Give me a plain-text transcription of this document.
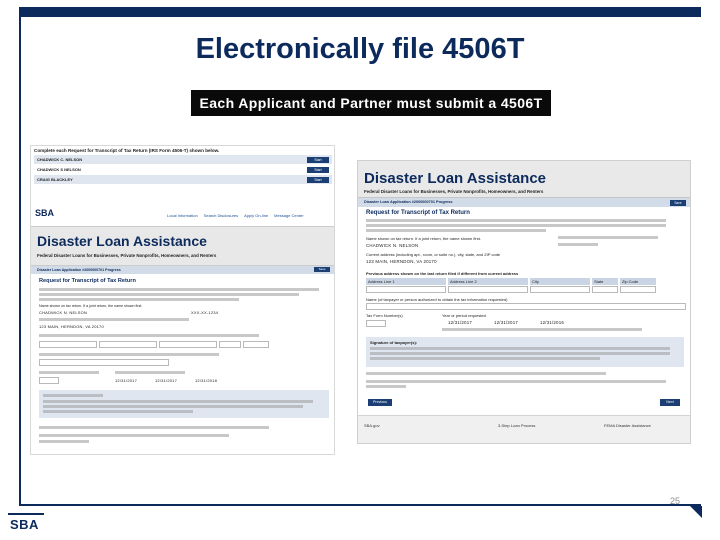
Electronically file 4506T
Each Applicant and Partner must submit a 4506T
Complete each Request for Transcript of Tax Return (IRS Form 4506-T) shown below.
CHADWICK C. NELSON	Start
CHADWICK S NELSON	Start
CRAIG BLACKLEY	Start
SBA	Local Information Search Disclosures Apply On-line Message Center
Disaster Loan Assistance
Federal Disaster Loans for Businesses, Private Nonprofits, Homeowners, and Renters
Disaster Loan Application #2000000701 Progress	Save
Request for Transcript of Tax Return
Name shown on tax return. If a joint return, the name shown first.
CHADWICK N. NELSON	XXX-XX-1234
123 MAIN, HERNDON, VA 20170
12/31/2017	12/31/2017	12/31/2018
Disaster Loan Assistance
Federal Disaster Loans for Businesses, Private Nonprofits, Homeowners, and Renters
Disaster Loan Application #2000000701 Progress	Save
Request for Transcript of Tax Return
Name shown on tax return. If a joint return, the name shown first.
CHADWICK N. NELSON
Current address (including apt., room, or suite no.), city, state, and ZIP code
123 MAIN, HERNDON, VA 20170
Previous address shown on the last return filed if different from current address
Address Line 1	Address Line 2	City	State	Zip Code
Name (of taxpayer or person authorized to obtain the tax information requested)
Tax Form Number(s)	Year or period requested
12/31/2017	12/31/2017	12/31/2016
Signature of taxpayer(s):
Previous	Next
SBA.gov	3-Step Loan Process	FEMA Disaster Assistance
25
SBA
